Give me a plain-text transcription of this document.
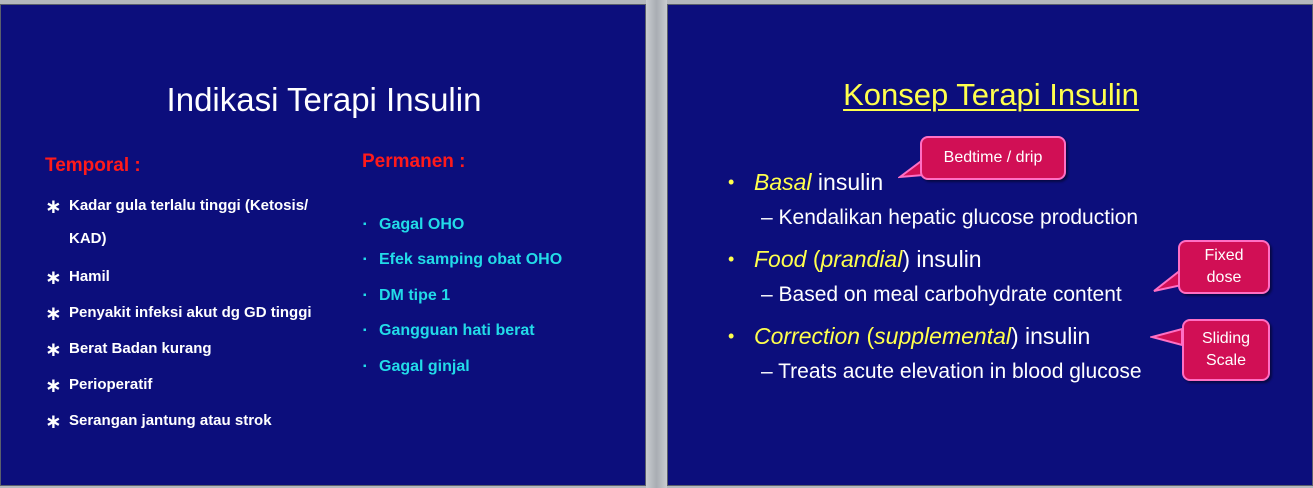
Indikasi Terapi Insulin
Temporal :	Permanen :
∗ Kadar gula terlalu tinggi (Ketosis/
KAD)
∗ Hamil
∗ Penyakit infeksi akut dg GD tinggi
∗ Berat Badan kurang
∗ Perioperatif
∗ Serangan jantung atau strok
▪ Gagal OHO
▪ Efek samping obat OHO
▪ DM tipe 1
▪ Gangguan hati berat
▪ Gagal ginjal
Konsep Terapi Insulin
• Basal insulin
– Kendalikan hepatic glucose production
• Food (prandial) insulin
– Based on meal carbohydrate content
• Correction (supplemental) insulin
– Treats acute elevation in blood glucose
Bedtime / drip
Fixed
dose
Sliding
Scale
